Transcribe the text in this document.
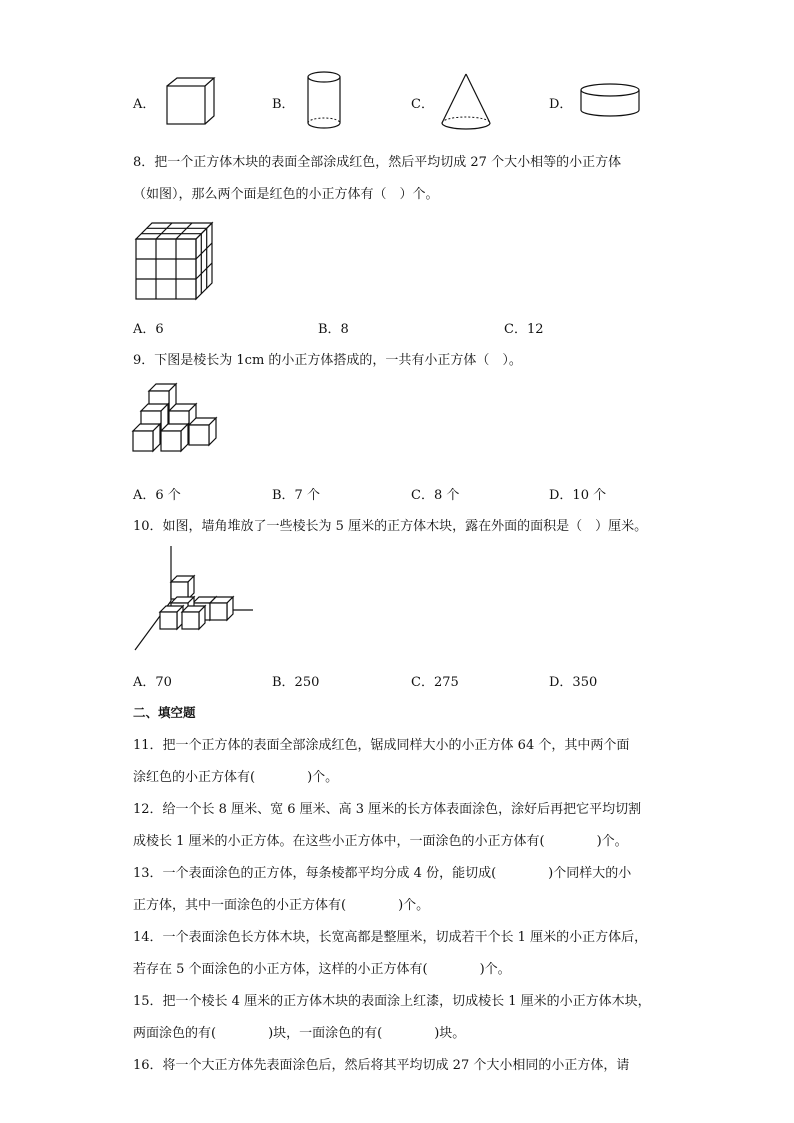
A．	B．	C．	D．
8．把一个正方体木块的表面全部涂成红色，然后平均切成 27 个大小相等的小正方体
（如图），那么两个面是红色的小正方体有（　）个。
A．6	B．8	C．12
9．下图是棱长为 1cm 的小正方体搭成的，一共有小正方体（　）。
A．6 个	B．7 个	C．8 个	D．10 个
10．如图，墙角堆放了一些棱长为 5 厘米的正方体木块，露在外面的面积是（　）厘米。
A．70	B．250	C．275	D．350
二、填空题
11．把一个正方体的表面全部涂成红色，锯成同样大小的小正方体 64 个，其中两个面
涂红色的小正方体有(　　　　)个。
12．给一个长 8 厘米、宽 6 厘米、高 3 厘米的长方体表面涂色，涂好后再把它平均切割
成棱长 1 厘米的小正方体。在这些小正方体中，一面涂色的小正方体有(　　　　)个。
13．一个表面涂色的正方体，每条棱都平均分成 4 份，能切成(　　　　)个同样大的小
正方体，其中一面涂色的小正方体有(　　　　)个。
14．一个表面涂色长方体木块，长宽高都是整厘米，切成若干个长 1 厘米的小正方体后，
若存在 5 个面涂色的小正方体，这样的小正方体有(　　　　)个。
15．把一个棱长 4 厘米的正方体木块的表面涂上红漆，切成棱长 1 厘米的小正方体木块，
两面涂色的有(　　　　)块，一面涂色的有(　　　　)块。
16．将一个大正方体先表面涂色后，然后将其平均切成 27 个大小相同的小正方体，请
